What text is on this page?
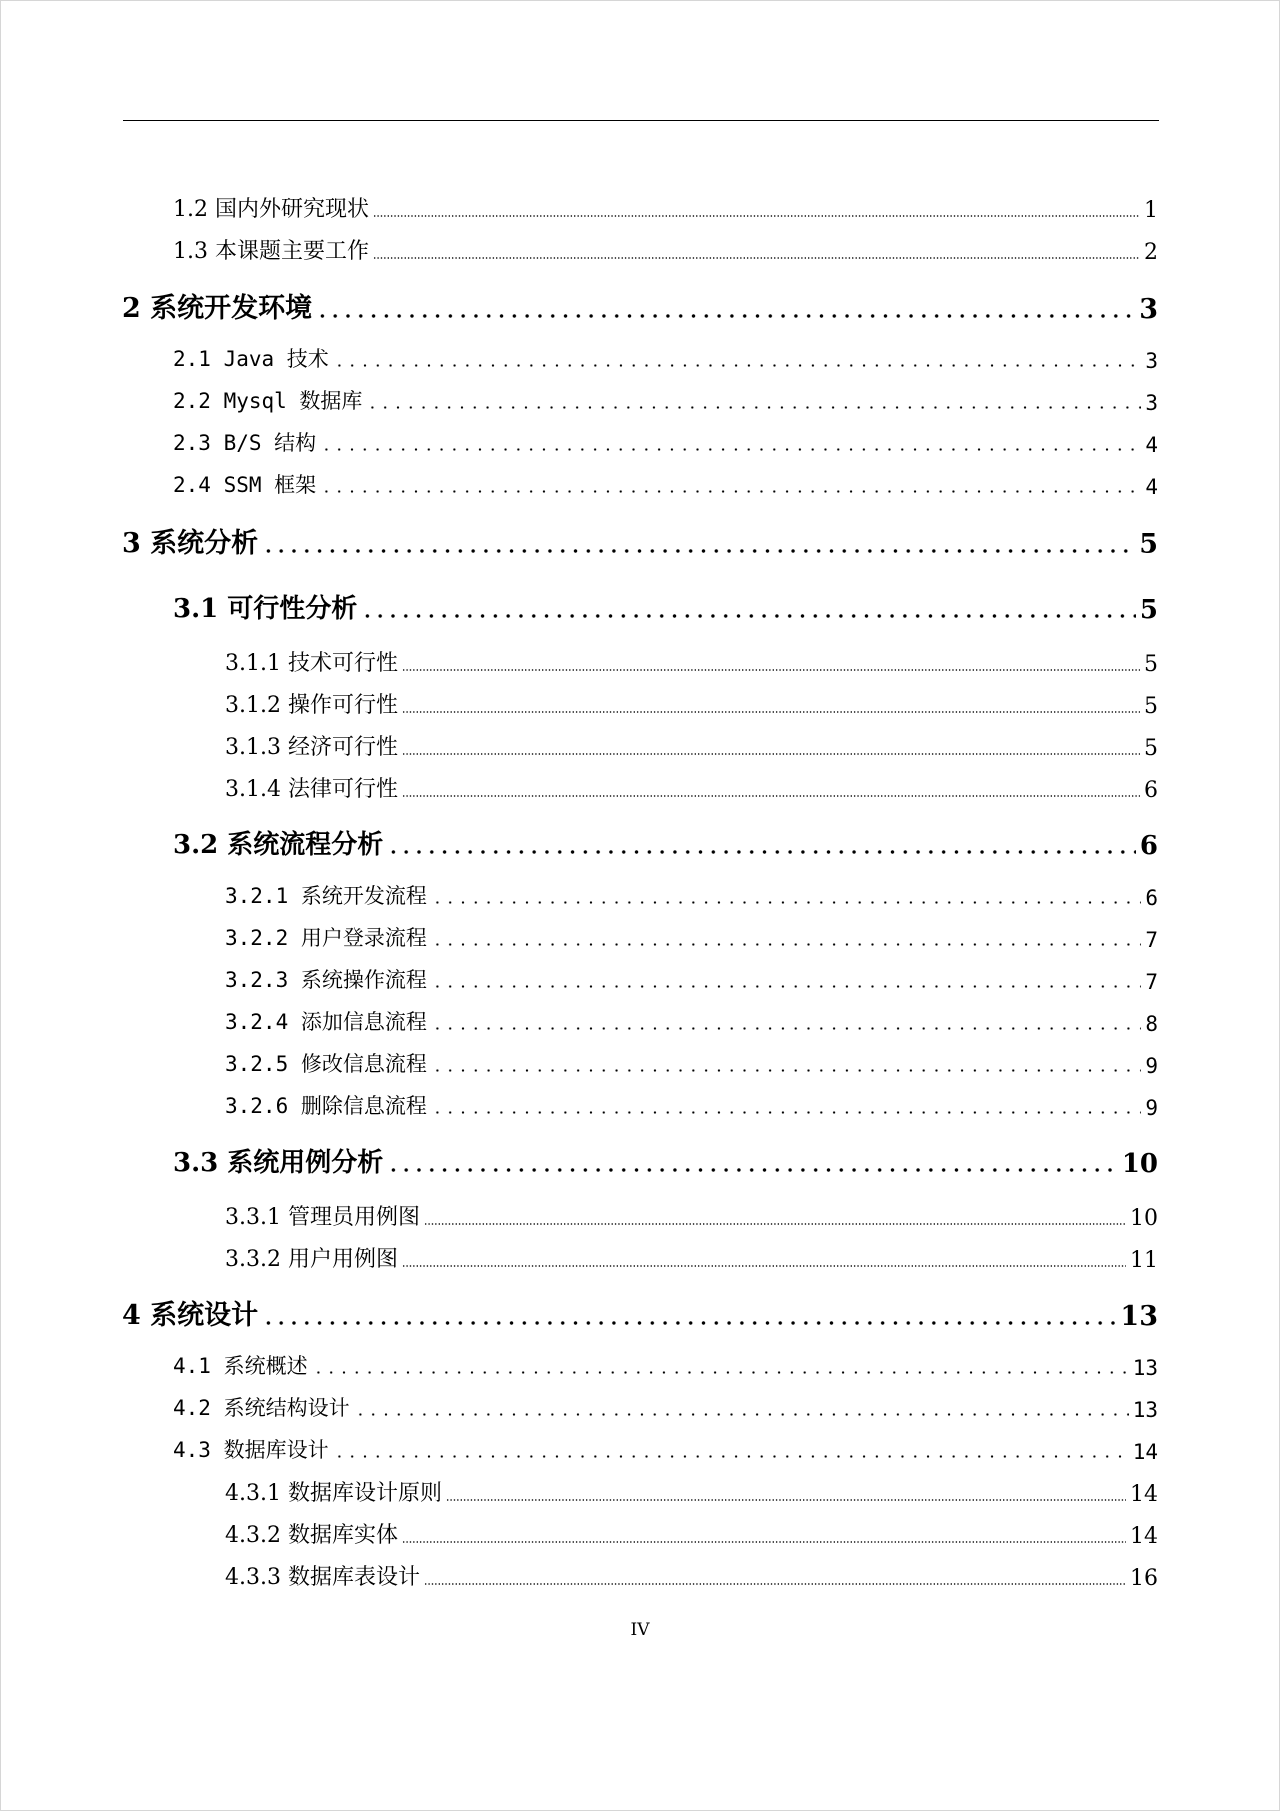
1.2 国内外研究现状	1
1.3 本课题主要工作	2
2 系统开发环境	3
2.1 Java 技术	3
2.2 Mysql 数据库	3
2.3 B/S 结构	4
2.4 SSM 框架	4
3 系统分析	5
3.1 可行性分析	5
3.1.1 技术可行性	5
3.1.2 操作可行性	5
3.1.3 经济可行性	5
3.1.4 法律可行性	6
3.2 系统流程分析	6
3.2.1 系统开发流程	6
3.2.2 用户登录流程	7
3.2.3 系统操作流程	7
3.2.4 添加信息流程	8
3.2.5 修改信息流程	9
3.2.6 删除信息流程	9
3.3 系统用例分析	10
3.3.1 管理员用例图	10
3.3.2 用户用例图	11
4 系统设计	13
4.1 系统概述	13
4.2 系统结构设计	13
4.3 数据库设计	14
4.3.1 数据库设计原则	14
4.3.2 数据库实体	14
4.3.3 数据库表设计	16
IV
